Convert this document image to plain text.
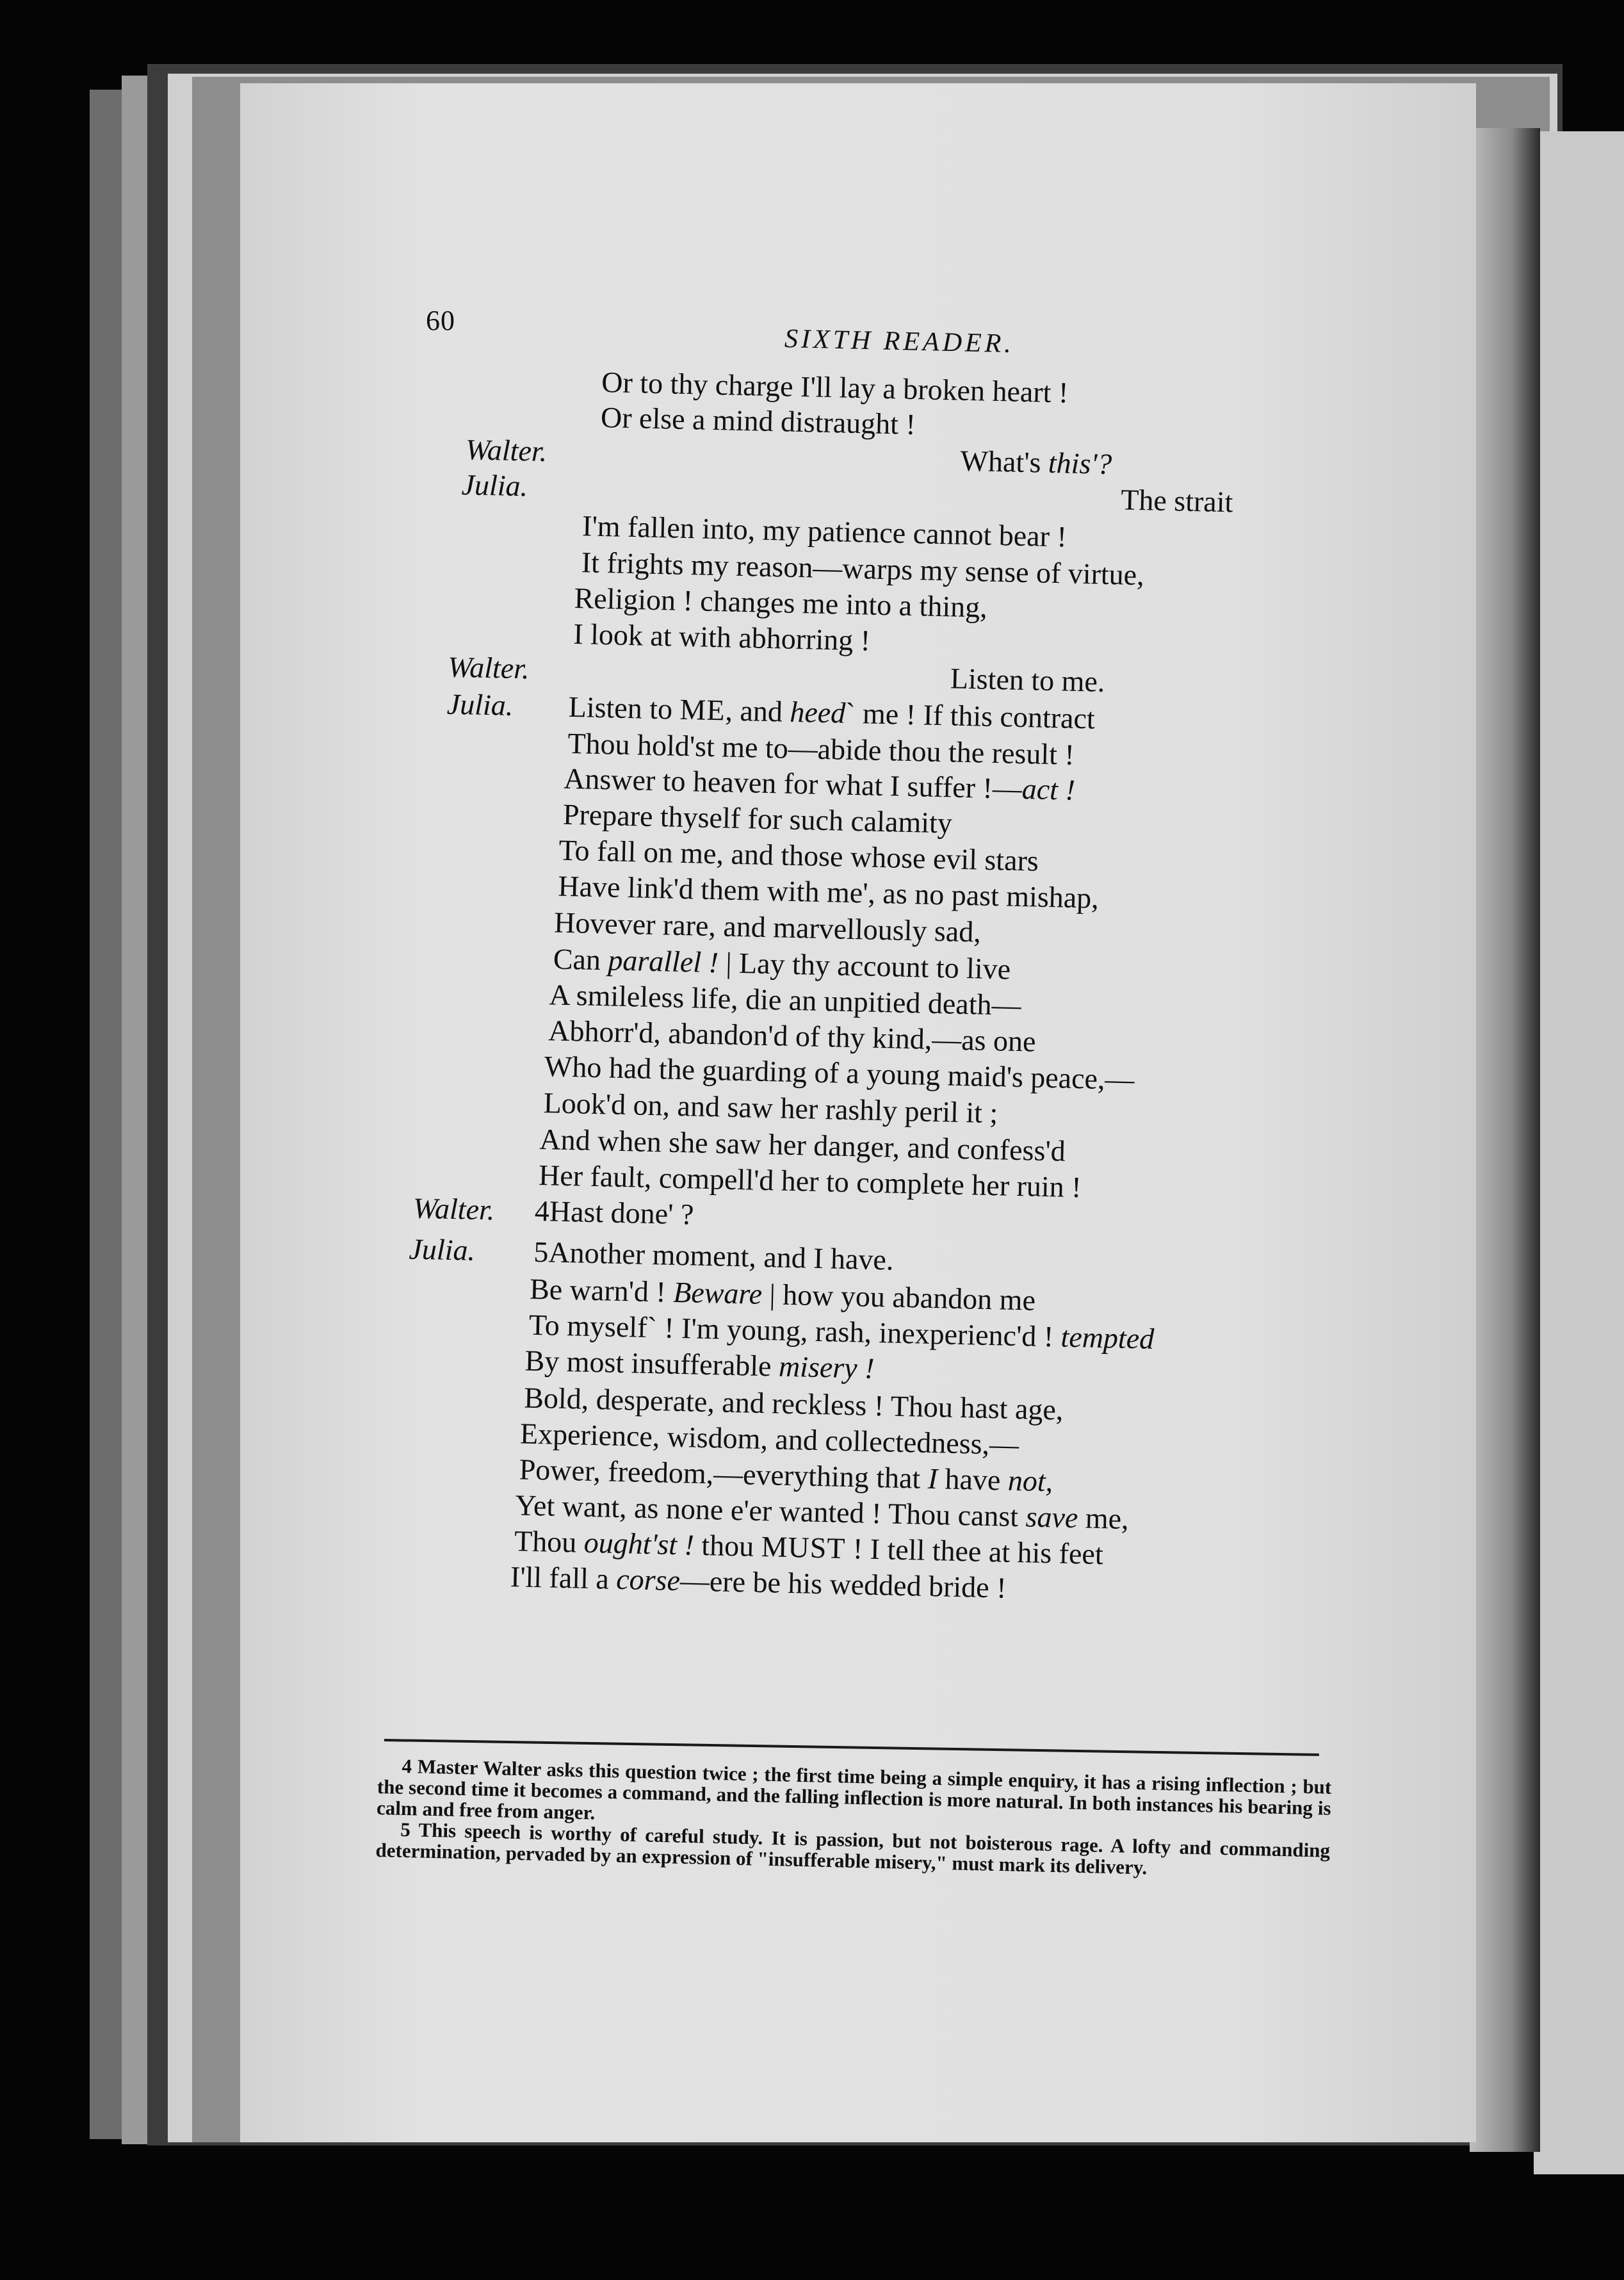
60
SIXTH READER.
Or to thy charge I'll lay a broken heart !
Or else a mind distraught !
Walter.	What's this'?
Julia.	The strait
I'm fallen into, my patience cannot bear !
It frights my reason—warps my sense of virtue,
Religion ! changes me into a thing,
I look at with abhorring !
Walter.	Listen to me.
Julia. Listen to ME, and heed` me ! If this contract
Thou hold'st me to—abide thou the result !
Answer to heaven for what I suffer !—act !
Prepare thyself for such calamity
To fall on me, and those whose evil stars
Have link'd them with me', as no past mishap,
Hovever rare, and marvellously sad,
Can parallel ! | Lay thy account to live
A smileless life, die an unpitied death—
Abhorr'd, abandon'd of thy kind,—as one
Who had the guarding of a young maid's peace,—
Look'd on, and saw her rashly peril it ;
And when she saw her danger, and confess'd
Her fault, compell'd her to complete her ruin !
Walter. 4Hast done' ?
Julia. 5Another moment, and I have.
Be warn'd ! Beware | how you abandon me
To myself` ! I'm young, rash, inexperienc'd ! tempted
By most insufferable misery !
Bold, desperate, and reckless ! Thou hast age,
Experience, wisdom, and collectedness,—
Power, freedom,—everything that I have not,
Yet want, as none e'er wanted ! Thou canst save me,
Thou ought'st ! thou MUST ! I tell thee at his feet
I'll fall a corse—ere be his wedded bride !

4 Master Walter asks this question twice ; the first time being a simple enquiry, it has a rising inflection ; but the second time it becomes a command, and the falling inflection is more natural. In both instances his bearing is calm and free from anger.

5 This speech is worthy of careful study. It is passion, but not boisterous rage. A lofty and commanding determination, pervaded by an expression of "insufferable misery," must mark its delivery.
